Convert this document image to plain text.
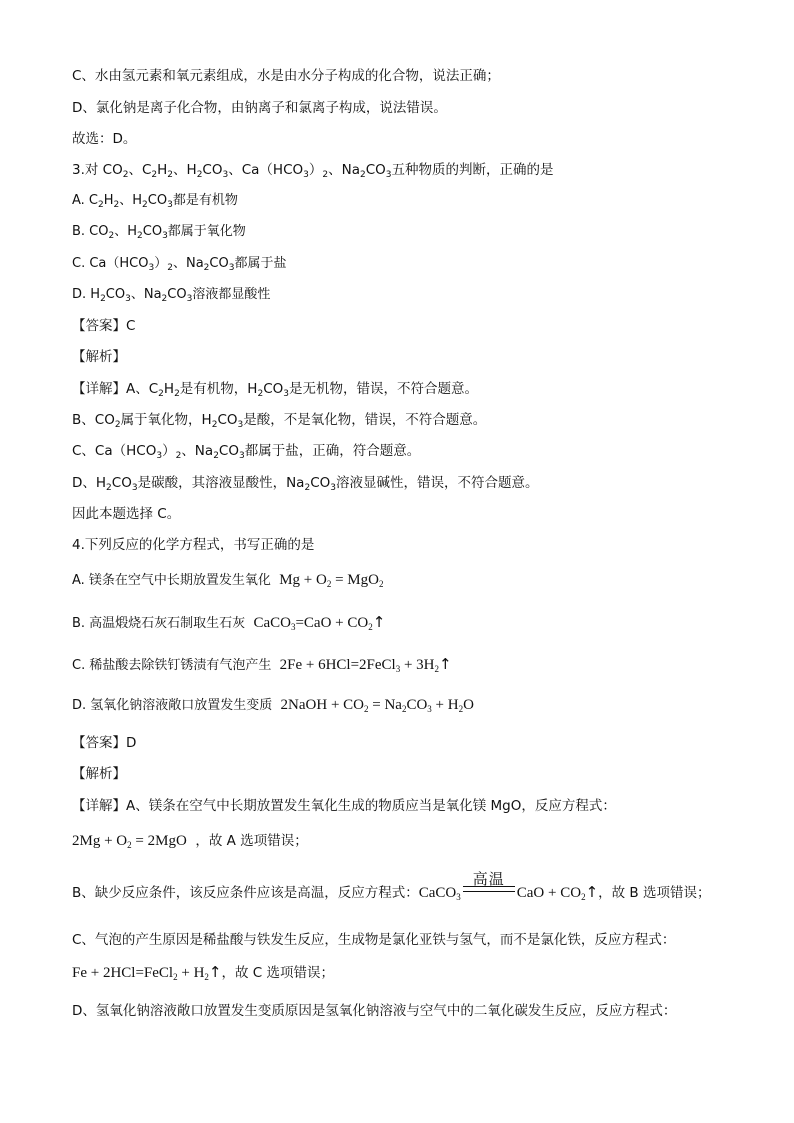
C、水由氢元素和氧元素组成，水是由水分子构成的化合物，说法正确；
D、氯化钠是离子化合物，由钠离子和氯离子构成，说法错误。
故选：D。
3.对 $CO_2$、$C_2H_2$、$H_2CO_3$、$Ca(HCO_3)_2$、$Na_2CO_3$五种物质的判断，正确的是
A. $C_2H_2$、$H_2CO_3$都是有机物
B. $CO_2$、$H_2CO_3$都属于氧化物
C. $Ca(HCO_3)_2$、$Na_2CO_3$都属于盐
D. $H_2CO_3$、$Na_2CO_3$溶液都显酸性
【答案】C
【解析】
【详解】A、$C_2H_2$是有机物，$H_2CO_3$是无机物，错误，不符合题意。
B、$CO_2$属于氧化物，$H_2CO_3$是酸，不是氧化物，错误，不符合题意。
C、$Ca(HCO_3)_2$、$Na_2CO_3$都属于盐，正确，符合题意。
D、$H_2CO_3$是碳酸，其溶液显酸性，$Na_2CO_3$溶液显碱性，错误，不符合题意。
因此本题选择 C。
4.下列反应的化学方程式，书写正确的是
A. 镁条在空气中长期放置发生氧化 $Mg + O_2 = MgO_2$
B. 高温煅烧石灰石制取生石灰 CaCO$_3$=CaO + $CO_2↑$
C. 稀盐酸去除铁钉锈渍有气泡产生 2Fe + 6HCl=2FeCl$_3$ + $3H_2↑$
D. 氢氧化钠溶液敞口放置发生变质 2NaOH + $CO_2 = Na_2CO_3 + H_2O$
【答案】D
【解析】
【详解】A、镁条在空气中长期放置发生氧化生成的物质应当是氧化镁 MgO，反应方程式：
$2Mg + O_2 = 2MgO$ ，故 A 选项错误；
B、缺少反应条件，该反应条件应该是高温，反应方程式：CaCO$_3$
高温
CaO + $CO_2↑$，故 B 选项错误；
C、气泡的产生原因是稀盐酸与铁发生反应，生成物是氯化亚铁与氢气，而不是氯化铁，反应方程式：
Fe + 2HCl=FeCl$_2$ + $H_2↑$，故 C 选项错误；
D、氢氧化钠溶液敞口放置发生变质原因是氢氧化钠溶液与空气中的二氧化碳发生反应，反应方程式：
